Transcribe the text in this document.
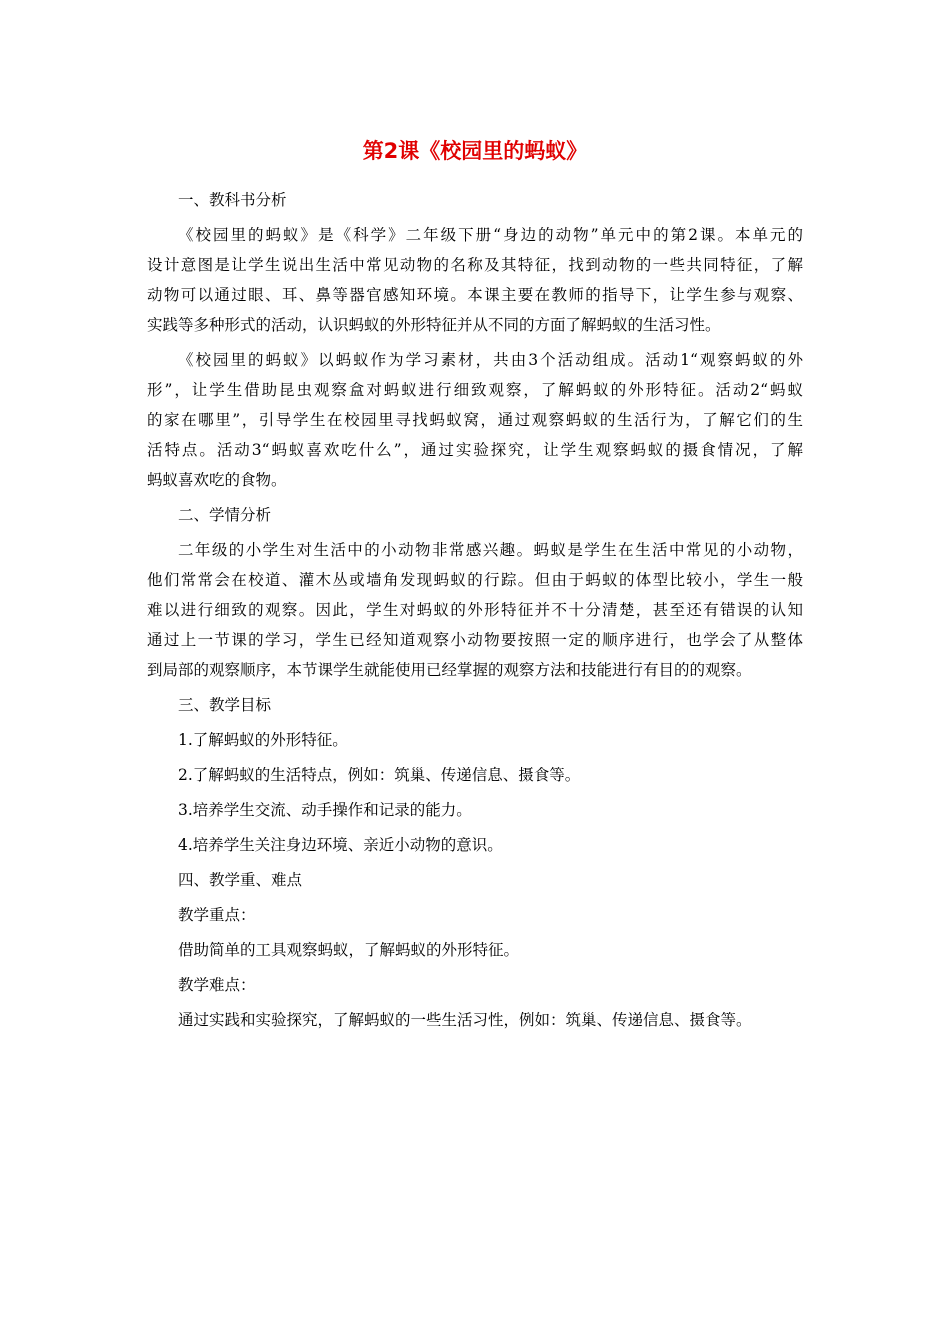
第2课《校园里的蚂蚁》
一、教科书分析
《校园里的蚂蚁》是《科学》二年级下册“身边的动物”单元中的第2课。本单元的
设计意图是让学生说出生活中常见动物的名称及其特征，找到动物的一些共同特征，了解
动物可以通过眼、耳、鼻等器官感知环境。本课主要在教师的指导下，让学生参与观察、
实践等多种形式的活动，认识蚂蚁的外形特征并从不同的方面了解蚂蚁的生活习性。
《校园里的蚂蚁》以蚂蚁作为学习素材，共由3个活动组成。活动1“观察蚂蚁的外
形”，让学生借助昆虫观察盒对蚂蚁进行细致观察，了解蚂蚁的外形特征。活动2“蚂蚁
的家在哪里”，引导学生在校园里寻找蚂蚁窝，通过观察蚂蚁的生活行为，了解它们的生
活特点。活动3“蚂蚁喜欢吃什么”，通过实验探究，让学生观察蚂蚁的摄食情况，了解
蚂蚁喜欢吃的食物。
二、学情分析
二年级的小学生对生活中的小动物非常感兴趣。蚂蚁是学生在生活中常见的小动物，
他们常常会在校道、灌木丛或墙角发现蚂蚁的行踪。但由于蚂蚁的体型比较小，学生一般
难以进行细致的观察。因此，学生对蚂蚁的外形特征并不十分清楚，甚至还有错误的认知
通过上一节课的学习，学生已经知道观察小动物要按照一定的顺序进行，也学会了从整体
到局部的观察顺序，本节课学生就能使用已经掌握的观察方法和技能进行有目的的观察。
三、教学目标
1.了解蚂蚁的外形特征。
2.了解蚂蚁的生活特点，例如：筑巢、传递信息、摄食等。
3.培养学生交流、动手操作和记录的能力。
4.培养学生关注身边环境、亲近小动物的意识。
四、教学重、难点
教学重点：
借助简单的工具观察蚂蚁，了解蚂蚁的外形特征。
教学难点：
通过实践和实验探究，了解蚂蚁的一些生活习性，例如：筑巢、传递信息、摄食等。
